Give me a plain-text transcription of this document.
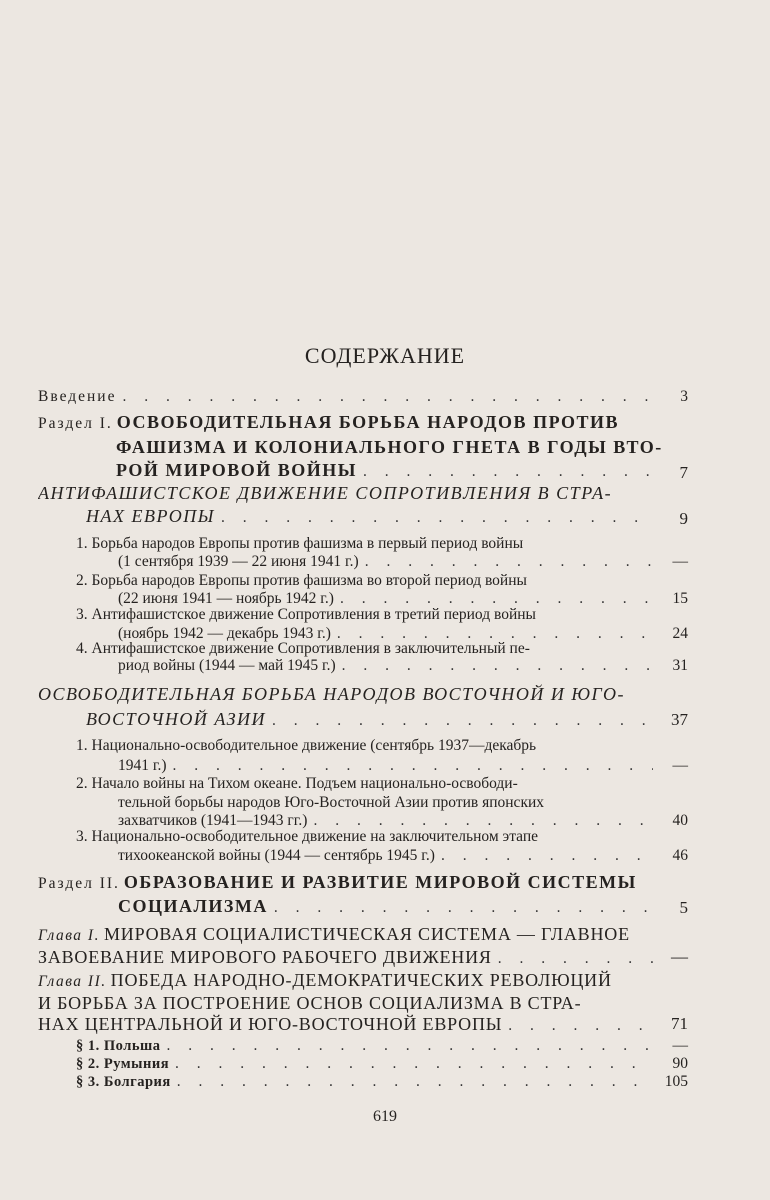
СОДЕРЖАНИЕ
Введение . . .	3
Раздел I. ОСВОБОДИТЕЛЬНАЯ БОРЬБА НАРОДОВ ПРОТИВ
ФАШИЗМА И КОЛОНИАЛЬНОГО ГНЕТА В ГОДЫ ВТО-
РОЙ МИРОВОЙ ВОЙНЫ . . .	7
АНТИФАШИСТСКОЕ ДВИЖЕНИЕ СОПРОТИВЛЕНИЯ В СТРА-
НАХ ЕВРОПЫ . . .	9
1. Борьба народов Европы против фашизма в первый период войны
(1 сентября 1939 — 22 июня 1941 г.) . . .	—
2. Борьба народов Европы против фашизма во второй период войны
(22 июня 1941 — ноябрь 1942 г.) . . .	15
3. Антифашистское движение Сопротивления в третий период войны
(ноябрь 1942 — декабрь 1943 г.) . . .	24
4. Антифашистское движение Сопротивления в заключительный пе-
риод войны (1944 — май 1945 г.) . . .	31
ОСВОБОДИТЕЛЬНАЯ БОРЬБА НАРОДОВ ВОСТОЧНОЙ И ЮГО-
ВОСТОЧНОЙ АЗИИ . . .	37
1. Национально-освободительное движение (сентябрь 1937—декабрь
1941 г.) . . .	—
2. Начало войны на Тихом океане. Подъем национально-освободи-
тельной борьбы народов Юго-Восточной Азии против японских
захватчиков (1941—1943 гг.) . . .	40
3. Национально-освободительное движение на заключительном этапе
тихоокеанской войны (1944 — сентябрь 1945 г.) . . .	46
Раздел II. ОБРАЗОВАНИЕ И РАЗВИТИЕ МИРОВОЙ СИСТЕМЫ
СОЦИАЛИЗМА . . .	5
Глава I. МИРОВАЯ СОЦИАЛИСТИЧЕСКАЯ СИСТЕМА — ГЛАВНОЕ
ЗАВОЕВАНИЕ МИРОВОГО РАБОЧЕГО ДВИЖЕНИЯ . . .	—
Глава II. ПОБЕДА НАРОДНО-ДЕМОКРАТИЧЕСКИХ РЕВОЛЮЦИЙ
И БОРЬБА ЗА ПОСТРОЕНИЕ ОСНОВ СОЦИАЛИЗМА В СТРА-
НАХ ЦЕНТРАЛЬНОЙ И ЮГО-ВОСТОЧНОЙ ЕВРОПЫ . . .	71
§ 1. Польша . . .	—
§ 2. Румыния . . .	90
§ 3. Болгария . . .	105
619
